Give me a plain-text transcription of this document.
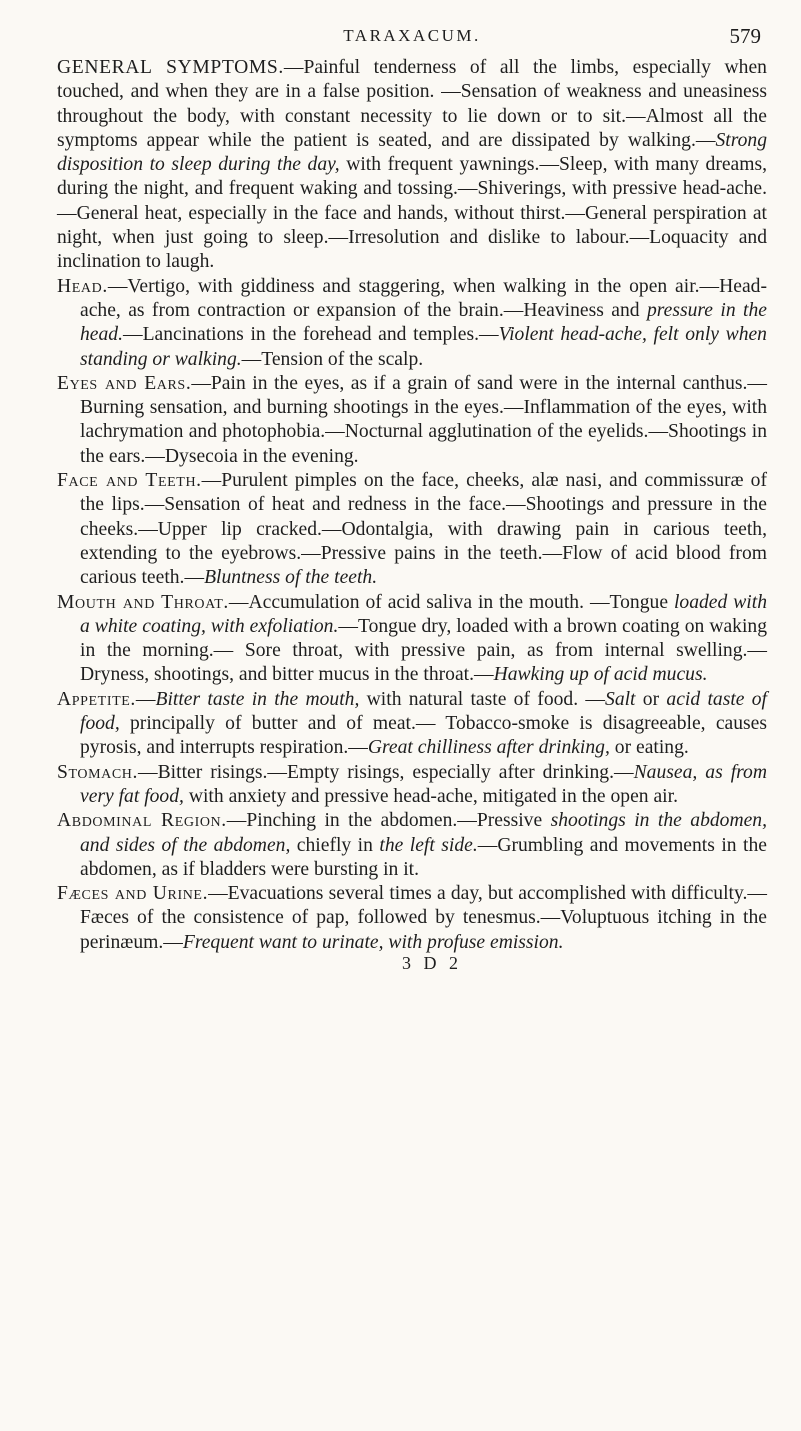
TARAXACUM.	579

GENERAL SYMPTOMS.—Painful tenderness of all the limbs, especially when touched, and when they are in a false position. —Sensation of weakness and uneasiness throughout the body, with constant necessity to lie down or to sit.—Almost all the symptoms appear while the patient is seated, and are dissipated by walking.—Strong disposition to sleep during the day, with frequent yawnings.—Sleep, with many dreams, during the night, and frequent waking and tossing.—Shiverings, with pressive head-ache.—General heat, especially in the face and hands, without thirst.—General perspiration at night, when just going to sleep.—Irresolution and dislike to labour.—Loquacity and inclination to laugh.

Head.—Vertigo, with giddiness and staggering, when walking in the open air.—Head-ache, as from contraction or expansion of the brain.—Heaviness and pressure in the head.—Lancinations in the forehead and temples.—Violent head-ache, felt only when standing or walking.—Tension of the scalp.

Eyes and Ears.—Pain in the eyes, as if a grain of sand were in the internal canthus.—Burning sensation, and burning shootings in the eyes.—Inflammation of the eyes, with lachrymation and photophobia.—Nocturnal agglutination of the eyelids.—Shootings in the ears.—Dysecoia in the evening.

Face and Teeth.—Purulent pimples on the face, cheeks, alæ nasi, and commissuræ of the lips.—Sensation of heat and redness in the face.—Shootings and pressure in the cheeks.—Upper lip cracked.—Odontalgia, with drawing pain in carious teeth, extending to the eyebrows.—Pressive pains in the teeth.—Flow of acid blood from carious teeth.—Bluntness of the teeth.

Mouth and Throat.—Accumulation of acid saliva in the mouth. —Tongue loaded with a white coating, with exfoliation.—Tongue dry, loaded with a brown coating on waking in the morning.— Sore throat, with pressive pain, as from internal swelling.— Dryness, shootings, and bitter mucus in the throat.—Hawking up of acid mucus.

Appetite.—Bitter taste in the mouth, with natural taste of food. —Salt or acid taste of food, principally of butter and of meat.— Tobacco-smoke is disagreeable, causes pyrosis, and interrupts respiration.—Great chilliness after drinking, or eating.

Stomach.—Bitter risings.—Empty risings, especially after drinking.—Nausea, as from very fat food, with anxiety and pressive head-ache, mitigated in the open air.

Abdominal Region.—Pinching in the abdomen.—Pressive shootings in the abdomen, and sides of the abdomen, chiefly in the left side.—Grumbling and movements in the abdomen, as if bladders were bursting in it.

Fæces and Urine.—Evacuations several times a day, but accomplished with difficulty.—Fæces of the consistence of pap, followed by tenesmus.—Voluptuous itching in the perinæum.—Frequent want to urinate, with profuse emission.

3 D 2
